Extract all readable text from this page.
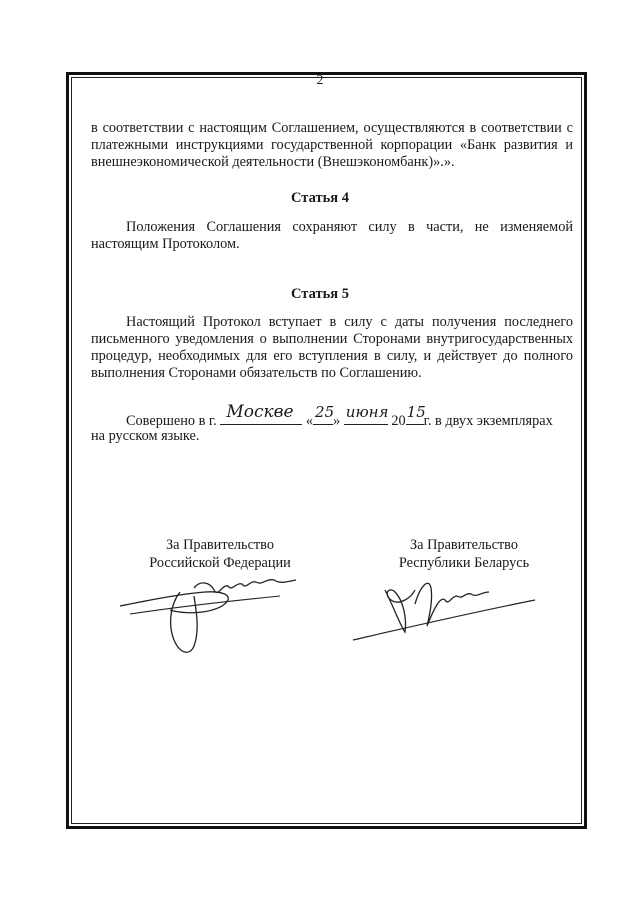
2
в соответствии с настоящим Соглашением, осуществляются в соответствии с платежными инструкциями государственной корпорации «Банк развития и внешнеэкономической деятельности (Внешэкономбанк)».».
Статья 4
Положения Соглашения сохраняют силу в части, не изменяемой настоящим Протоколом.
Статья 5
Настоящий Протокол вступает в силу с даты получения последнего письменного уведомления о выполнении Сторонами внутригосударственных процедур, необходимых для его вступления в силу, и действует до полного выполнения Сторонами обязательств по Соглашению.
Совершено в г. Москве « 25
» июня 20 15
г. в двух экземплярах
на русском языке.
За Правительство
Российской Федерации
За Правительство
Республики Беларусь
